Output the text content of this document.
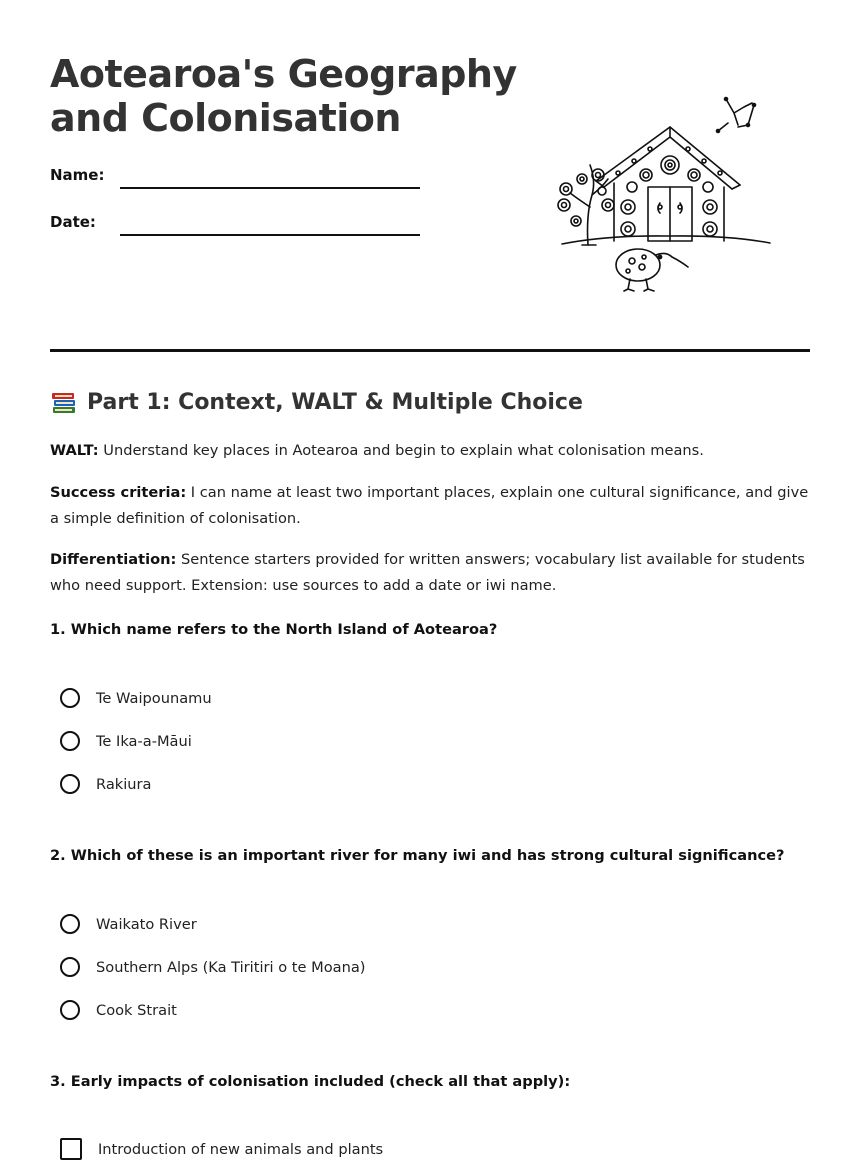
Aotearoa's Geography and Colonisation
Name:
Date:
Part 1: Context, WALT & Multiple Choice

WALT: Understand key places in Aotearoa and begin to explain what colonisation means.

Success criteria: I can name at least two important places, explain one cultural significance, and give a simple definition of colonisation.

Differentiation: Sentence starters provided for written answers; vocabulary list available for students who need support. Extension: use sources to add a date or iwi name.

1. Which name refers to the North Island of Aotearoa?

Te Waipounamu
Te Ika-a-Māui
Rakiura

2. Which of these is an important river for many iwi and has strong cultural significance?

Waikato River
Southern Alps (Ka Tiritiri o te Moana)
Cook Strait

3. Early impacts of colonisation included (check all that apply):

Introduction of new animals and plants
